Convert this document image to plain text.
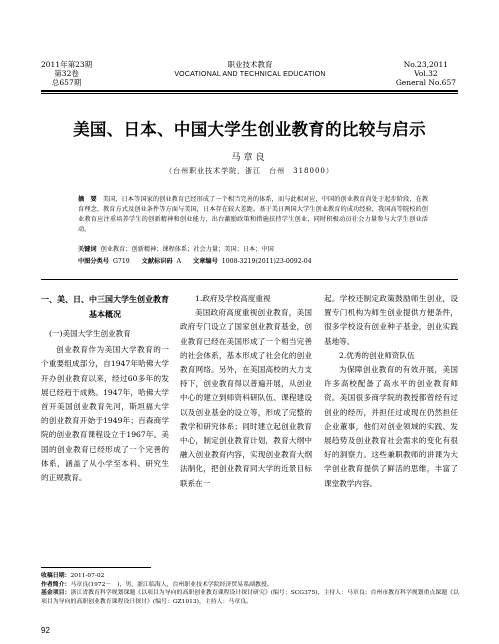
2011年第23期
第32卷
总657期
职业技术教育
VOCATIONAL AND TECHNICAL EDUCATION
No.23,2011
Vol.32
General No.657
美国、日本、中国大学生创业教育的比较与启示
马章良
（台州职业技术学院，浙江　台州　318000）
摘　要 美国，日本等国家的创业教育已经形成了一个相当完善的体系，而与此相对应，中国的创业教育尚处于起步阶段，在教育理念、教育方式及创业条件等方面与美国，日本存在较大差距。基于美日两国大学生创业教育的成功经验，我国高等院校的创业教育应注重培养学生的创新精神和创业能力，出台激励政策和措施扶持学生创业，同时积极动员社会力量参与大学生创业活动。
关键词 创业教育；创新精神；课程体系；社会力量；美国；日本；中国
中图分类号 G719 文献标识码 A 文章编号 1008-3219(2011)23-0092-04
一、美、日、中三国大学生创业教育基本概况
(一)美国大学生创业教育

创业教育作为美国大学教育的一个重要组成部分，自1947年哈佛大学开办创业教育以来，经过60多年的发展已经趋于成熟。1947年，哈佛大学首开美国创业教育先河，斯坦福大学的创业教育开始于1949年；百森商学院的创业教育课程设立于1967年。美国的创业教育已经形成了一个完善的体系，涵盖了从小学至本科、研究生的正规教育。

1.政府及学校高度重视

美国政府高度重视创业教育，美国政府专门设立了国家创业教育基金，创业教育已经在美国形成了一个相当完善的社会体系，基本形成了社会化的创业教育网络。另外，在美国高校的大力支持下，创业教育得以普遍开展，从创业中心的建立到师资科研队伍、课程建设以及创业基金的设立等，形成了完整的教学和研究体系；同时建立起创业教育中心，制定创业教育计划，教育大纲中融入创业教育内容，实现创业教育大纲法制化，把创业教育同大学的近景目标联系在一

起。学校还制定政策鼓励师生创业，设置专门机构为师生创业提供方便条件，很多学校设有创业种子基金，创业实践基地等。

2.优秀的创业师资队伍

为保障创业教育的有效开展，美国许多高校配备了高水平的创业教育师资。美国很多商学院的教授都曾经有过创业的经历，并担任过或现在仍然担任企业董事，他们对创业领域的实践、发展趋势及创业教育社会需求的变化有很好的洞察力。这些兼职教师的讲课为大学创业教育提供了鲜活的思维，丰富了课堂教学内容。

收稿日期：2011-07-02
作者简介：马章良(1972－　)，男，浙江临海人，台州职业技术学院经济贸易系副教授。
基金项目：浙江省教育科学规划课题《以项目为导向的高职创业教育课程设计探讨研究》(编号：SCG375)，主持人：马章良；台州市教育科学规划重点课题《以项目为导向的高职创业教育课程设计探讨》(编号：GZ1013)，主持人：马章良。
92
